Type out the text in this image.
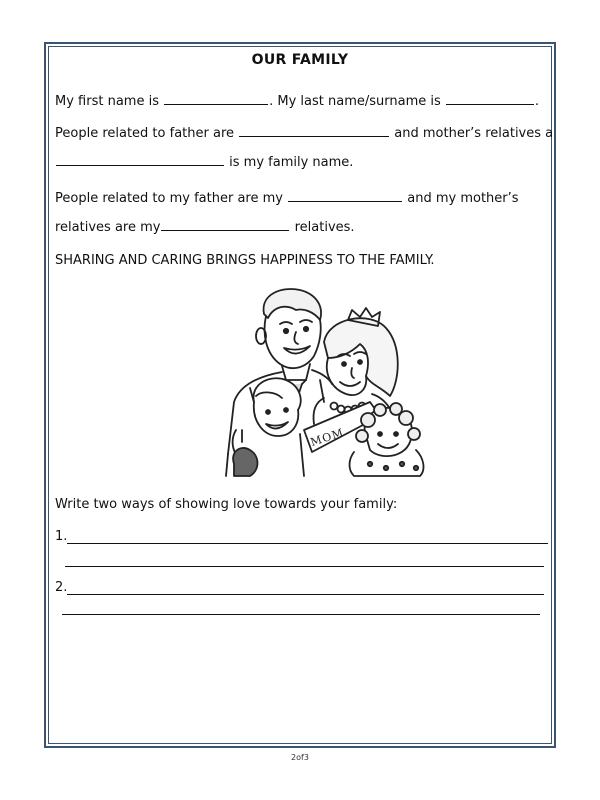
OUR FAMILY
My first name is	. My last name/surname is	.
People related to father are	and mother’s relatives a
is my family name.
People related to my father are my	and my mother’s
relatives are my	relatives.
SHARING AND CARING BRINGS HAPPINESS TO THE FAMILY.
MOM
Write two ways of showing love towards your family:
1.
2.
2of3
